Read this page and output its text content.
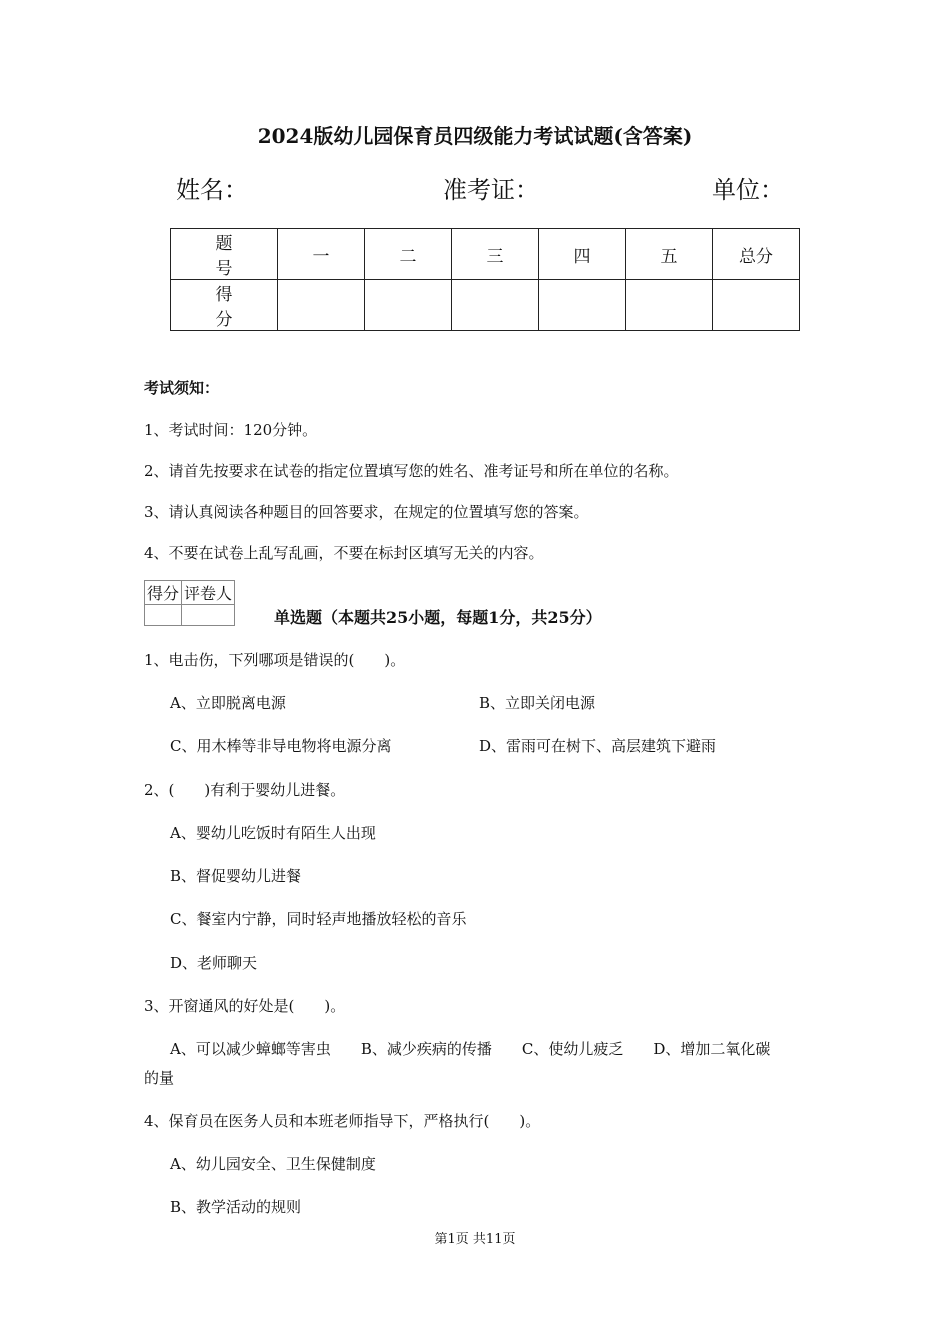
2024版幼儿园保育员四级能力考试试题(含答案)
姓名：	准考证：	单位：
题 号	一	二	三	四	五	总分
得 分						
考试须知：
1、考试时间：120分钟。
2、请首先按要求在试卷的指定位置填写您的姓名、准考证号和所在单位的名称。
3、请认真阅读各种题目的回答要求，在规定的位置填写您的答案。
4、不要在试卷上乱写乱画，不要在标封区填写无关的内容。
得分	评卷人

单选题（本题共25小题，每题1分，共25分）
1、电击伤，下列哪项是错误的(　　)。
A、立即脱离电源	B、立即关闭电源
C、用木棒等非导电物将电源分离	D、雷雨可在树下、高层建筑下避雨
2、(　　)有利于婴幼儿进餐。
A、婴幼儿吃饭时有陌生人出现
B、督促婴幼儿进餐
C、餐室内宁静，同时轻声地播放轻松的音乐
D、老师聊天
3、开窗通风的好处是(　　)。
A、可以减少蟑螂等害虫　　B、减少疾病的传播　　C、使幼儿疲乏　　D、增加二氧化碳
的量
4、保育员在医务人员和本班老师指导下，严格执行(　　)。
A、幼儿园安全、卫生保健制度
B、教学活动的规则
第1页 共11页
